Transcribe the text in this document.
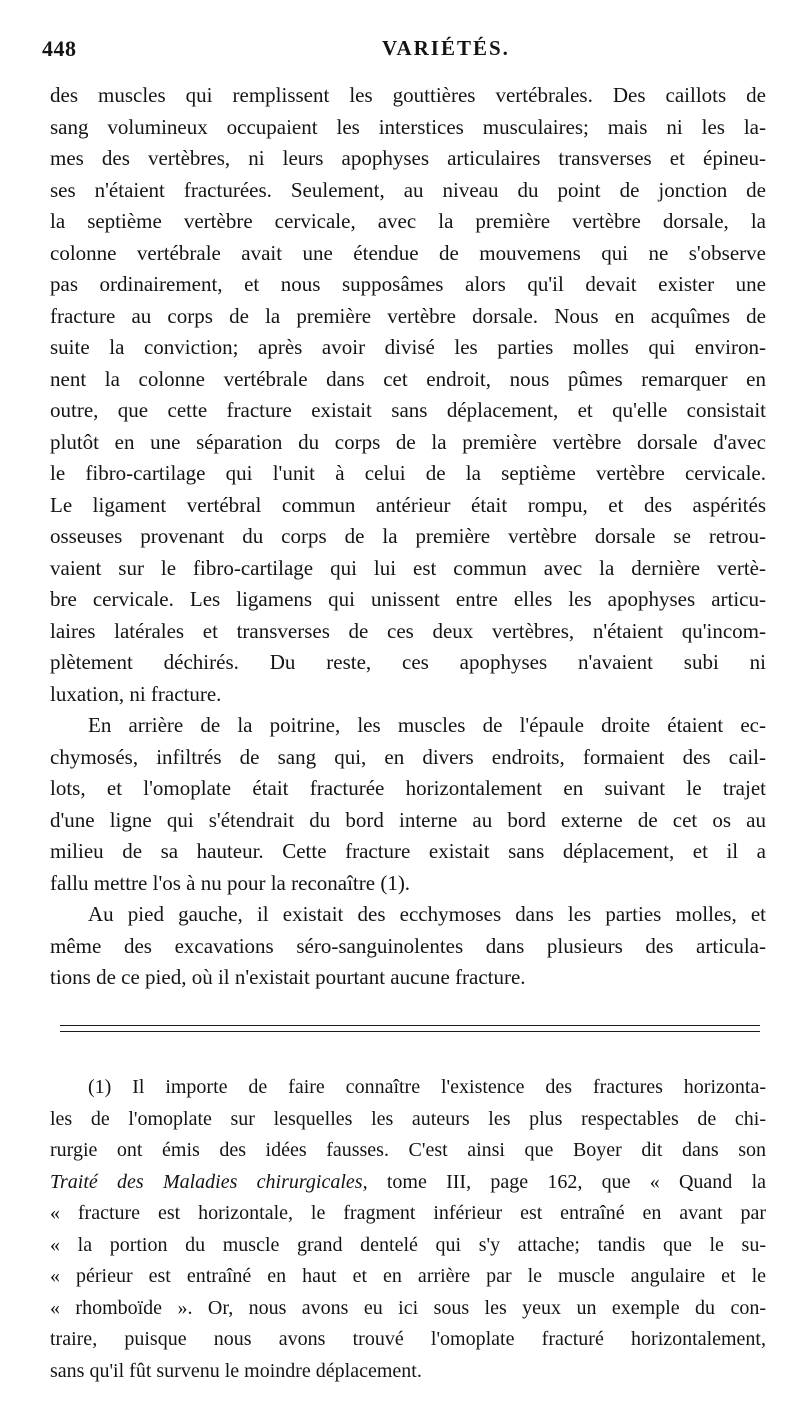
448	VARIÉTÉS.
des muscles qui remplissent les gouttières vertébrales. Des caillots de
sang volumineux occupaient les interstices musculaires; mais ni les la-
mes des vertèbres, ni leurs apophyses articulaires transverses et épineu-
ses n'étaient fracturées. Seulement, au niveau du point de jonction de
la septième vertèbre cervicale, avec la première vertèbre dorsale, la
colonne vertébrale avait une étendue de mouvemens qui ne s'observe
pas ordinairement, et nous supposâmes alors qu'il devait exister une
fracture au corps de la première vertèbre dorsale. Nous en acquîmes de
suite la conviction; après avoir divisé les parties molles qui environ-
nent la colonne vertébrale dans cet endroit, nous pûmes remarquer en
outre, que cette fracture existait sans déplacement, et qu'elle consistait
plutôt en une séparation du corps de la première vertèbre dorsale d'avec
le fibro-cartilage qui l'unit à celui de la septième vertèbre cervicale.
Le ligament vertébral commun antérieur était rompu, et des aspérités
osseuses provenant du corps de la première vertèbre dorsale se retrou-
vaient sur le fibro-cartilage qui lui est commun avec la dernière vertè-
bre cervicale. Les ligamens qui unissent entre elles les apophyses articu-
laires latérales et transverses de ces deux vertèbres, n'étaient qu'incom-
plètement déchirés. Du reste, ces apophyses n'avaient subi ni
luxation, ni fracture.
En arrière de la poitrine, les muscles de l'épaule droite étaient ec-
chymosés, infiltrés de sang qui, en divers endroits, formaient des cail-
lots, et l'omoplate était fracturée horizontalement en suivant le trajet
d'une ligne qui s'étendrait du bord interne au bord externe de cet os au
milieu de sa hauteur. Cette fracture existait sans déplacement, et il a
fallu mettre l'os à nu pour la reconaître (1).
Au pied gauche, il existait des ecchymoses dans les parties molles, et
même des excavations séro-sanguinolentes dans plusieurs des articula-
tions de ce pied, où il n'existait pourtant aucune fracture.
(1) Il importe de faire connaître l'existence des fractures horizonta-
les de l'omoplate sur lesquelles les auteurs les plus respectables de chi-
rurgie ont émis des idées fausses. C'est ainsi que Boyer dit dans son
Traité des Maladies chirurgicales, tome III, page 162, que « Quand la
« fracture est horizontale, le fragment inférieur est entraîné en avant par
« la portion du muscle grand dentelé qui s'y attache; tandis que le su-
« périeur est entraîné en haut et en arrière par le muscle angulaire et le
« rhomboïde ». Or, nous avons eu ici sous les yeux un exemple du con-
traire, puisque nous avons trouvé l'omoplate fracturé horizontalement,
sans qu'il fût survenu le moindre déplacement.
